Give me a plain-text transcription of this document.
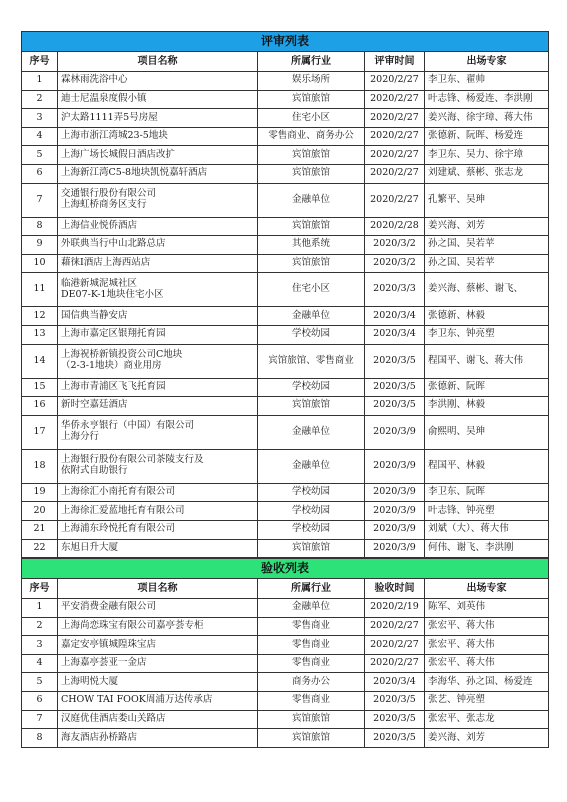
评审列表				
序号	项目名称	所属行业	评审时间	出场专家
1	霖林雨洗浴中心	娱乐场所	2020/2/27	李卫东、翟帅
2	迪士尼温泉度假小镇	宾馆旅馆	2020/2/27	叶志锋、杨爱连、李洪刚
3	沪太路1111弄5号房屋	住宅小区	2020/2/27	姜兴海、徐宇璋、蒋大伟
4	上海市浙江湾城23-5地块	零售商业、商务办公	2020/2/27	张德新、阮晖、杨爱连
5	上海广场长城假日酒店改扩	宾馆旅馆	2020/2/27	李卫东、吴力、徐宇璋
6	上海新江湾C5-8地块凯悦嘉轩酒店	宾馆旅馆	2020/2/27	刘建斌、蔡彬、张志龙
7	交通银行股份有限公司
上海虹桥商务区支行	金融单位	2020/2/27	孔繁平、吴珅
8	上海信业悦侨酒店	宾馆旅馆	2020/2/28	姜兴海、刘芳
9	外联典当行中山北路总店	其他系统	2020/3/2	孙之国、吴若苹
10	藉徕I酒店上海西站店	宾馆旅馆	2020/3/2	孙之国、吴若苹
11	临港新城泥城社区
DE07-K-1地块住宅小区	住宅小区	2020/3/3	姜兴海、蔡彬、谢飞、
12	国信典当静安店	金融单位	2020/3/4	张德新、林毅
13	上海市嘉定区银翔托育园	学校幼园	2020/3/4	李卫东、钟亮塑
14	上海祝桥新镇投资公司C地块
（2-3-1地块）商业用房	宾馆旅馆、零售商业	2020/3/5	程国平、谢飞、蒋大伟
15	上海市青浦区飞飞托育园	学校幼园	2020/3/5	张德新、阮晖
16	新时空嘉廷酒店	宾馆旅馆	2020/3/5	李洪刚、林毅
17	华侨永亨银行（中国）有限公司
上海分行	金融单位	2020/3/9	俞熙明、吴珅
18	上海银行股份有限公司茶陵支行及
依附式自助银行	金融单位	2020/3/9	程国平、林毅
19	上海徐汇小南托育有限公司	学校幼园	2020/3/9	李卫东、阮晖
20	上海徐汇爱蓝地托育有限公司	学校幼园	2020/3/9	叶志锋、钟亮塑
21	上海浦东玲悦托育有限公司	学校幼园	2020/3/9	刘斌（大）、蒋大伟
22	东旭日升大厦	宾馆旅馆	2020/3/9	何伟、谢飞、李洪刚
验收列表				
序号	项目名称	所属行业	验收时间	出场专家
1	平安消费金融有限公司	金融单位	2020/2/19	陈军、刘英伟
2	上海尚恋珠宝有限公司嘉亭荟专柜	零售商业	2020/2/27	张宏平、蒋大伟
3	嘉定安亭镇城隍珠宝店	零售商业	2020/2/27	张宏平、蒋大伟
4	上海嘉亭荟亚一金店	零售商业	2020/2/27	张宏平、蒋大伟
5	上海明悦大厦	商务办公	2020/3/4	李海华、孙之国、杨爱连
6	CHOW TAI FOOK周浦万达传承店	零售商业	2020/3/5	张艺、钟亮塑
7	汉庭优佳酒店娄山关路店	宾馆旅馆	2020/3/5	张宏平、张志龙
8	海友酒店孙桥路店	宾馆旅馆	2020/3/5	姜兴海、刘芳
